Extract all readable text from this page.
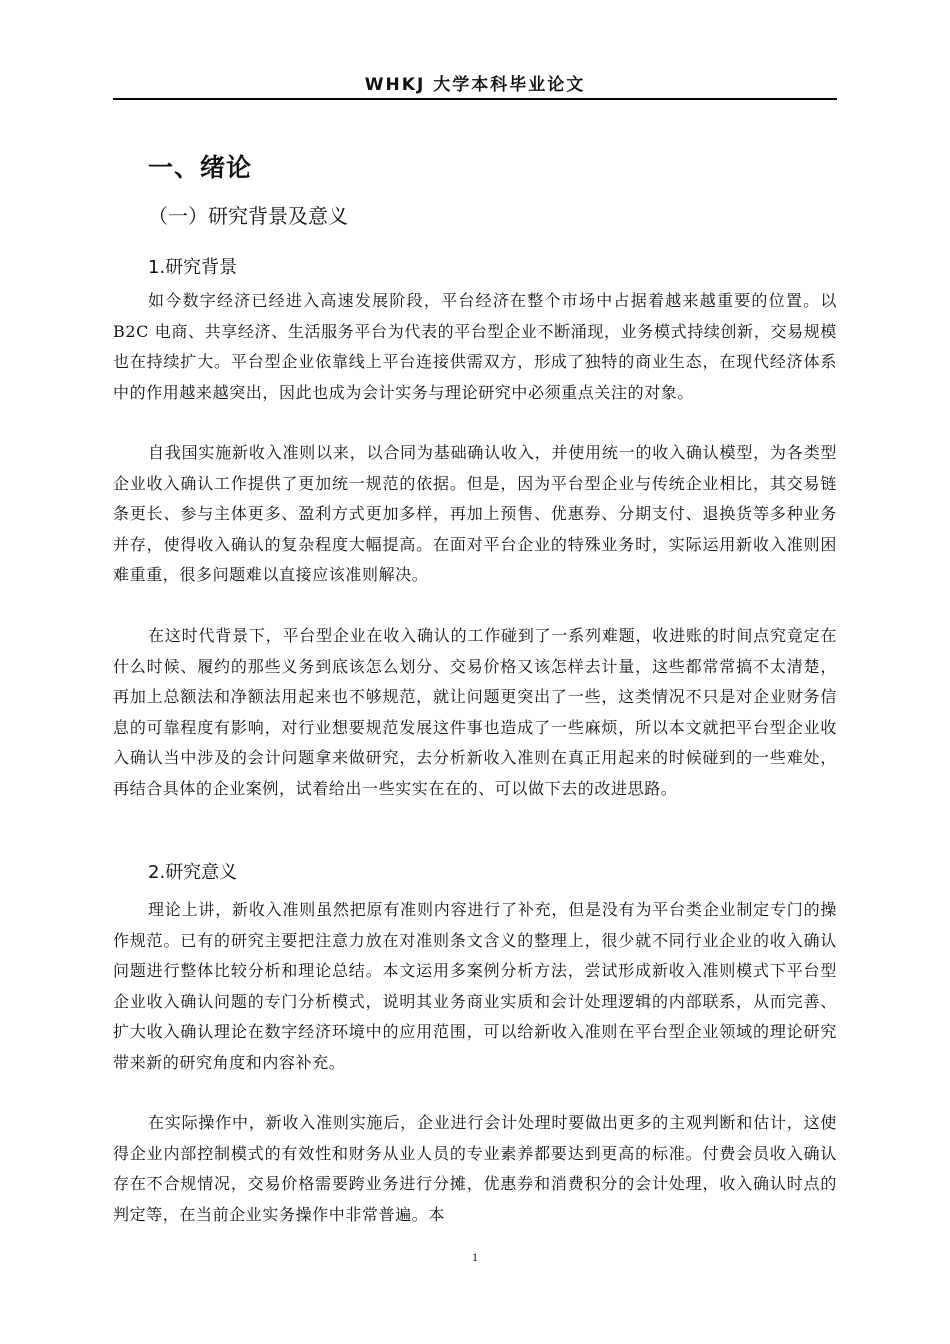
WHKJ 大学本科毕业论文
一、绪论
（一）研究背景及意义
1.研究背景

如今数字经济已经进入高速发展阶段，平台经济在整个市场中占据着越来越重要的位置。以 B2C 电商、共享经济、生活服务平台为代表的平台型企业不断涌现，业务模式持续创新，交易规模也在持续扩大。平台型企业依靠线上平台连接供需双方，形成了独特的商业生态，在现代经济体系中的作用越来越突出，因此也成为会计实务与理论研究中必须重点关注的对象。

自我国实施新收入准则以来，以合同为基础确认收入，并使用统一的收入确认模型，为各类型企业收入确认工作提供了更加统一规范的依据。但是，因为平台型企业与传统企业相比，其交易链条更长、参与主体更多、盈利方式更加多样，再加上预售、优惠券、分期支付、退换货等多种业务并存，使得收入确认的复杂程度大幅提高。在面对平台企业的特殊业务时，实际运用新收入准则困难重重，很多问题难以直接应该准则解决。

在这时代背景下，平台型企业在收入确认的工作碰到了一系列难题，收进账的时间点究竟定在什么时候、履约的那些义务到底该怎么划分、交易价格又该怎样去计量，这些都常常搞不太清楚，再加上总额法和净额法用起来也不够规范，就让问题更突出了一些，这类情况不只是对企业财务信息的可靠程度有影响，对行业想要规范发展这件事也造成了一些麻烦，所以本文就把平台型企业收入确认当中涉及的会计问题拿来做研究，去分析新收入准则在真正用起来的时候碰到的一些难处，再结合具体的企业案例，试着给出一些实实在在的、可以做下去的改进思路。

2.研究意义

理论上讲，新收入准则虽然把原有准则内容进行了补充，但是没有为平台类企业制定专门的操作规范。已有的研究主要把注意力放在对准则条文含义的整理上，很少就不同行业企业的收入确认问题进行整体比较分析和理论总结。本文运用多案例分析方法，尝试形成新收入准则模式下平台型企业收入确认问题的专门分析模式，说明其业务商业实质和会计处理逻辑的内部联系，从而完善、扩大收入确认理论在数字经济环境中的应用范围，可以给新收入准则在平台型企业领域的理论研究带来新的研究角度和内容补充。

在实际操作中，新收入准则实施后，企业进行会计处理时要做出更多的主观判断和估计，这使得企业内部控制模式的有效性和财务从业人员的专业素养都要达到更高的标准。付费会员收入确认存在不合规情况，交易价格需要跨业务进行分摊，优惠券和消费积分的会计处理，收入确认时点的判定等，在当前企业实务操作中非常普遍。本

1
